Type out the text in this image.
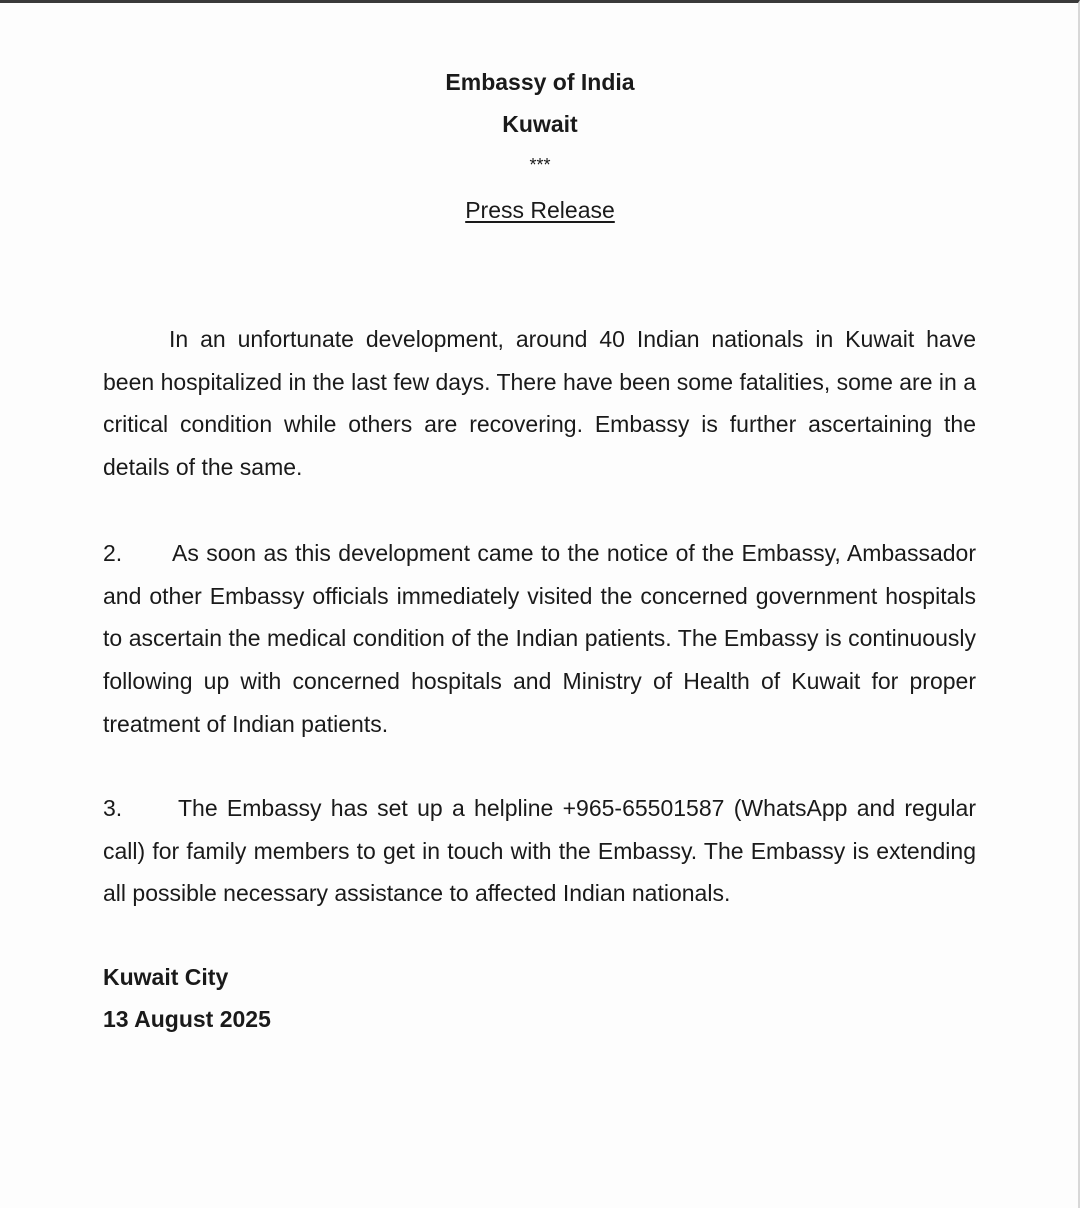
Embassy of India
Kuwait
***
Press Release

In an unfortunate development, around 40 Indian nationals in Kuwait have been hospitalized in the last few days. There have been some fatalities, some are in a critical condition while others are recovering. Embassy is further ascertaining the details of the same.

2. As soon as this development came to the notice of the Embassy, Ambassador and other Embassy officials immediately visited the concerned government hospitals to ascertain the medical condition of the Indian patients. The Embassy is continuously following up with concerned hospitals and Ministry of Health of Kuwait for proper treatment of Indian patients.

3. The Embassy has set up a helpline +965-65501587 (WhatsApp and regular call) for family members to get in touch with the Embassy. The Embassy is extending all possible necessary assistance to affected Indian nationals.

Kuwait City
13 August 2025
